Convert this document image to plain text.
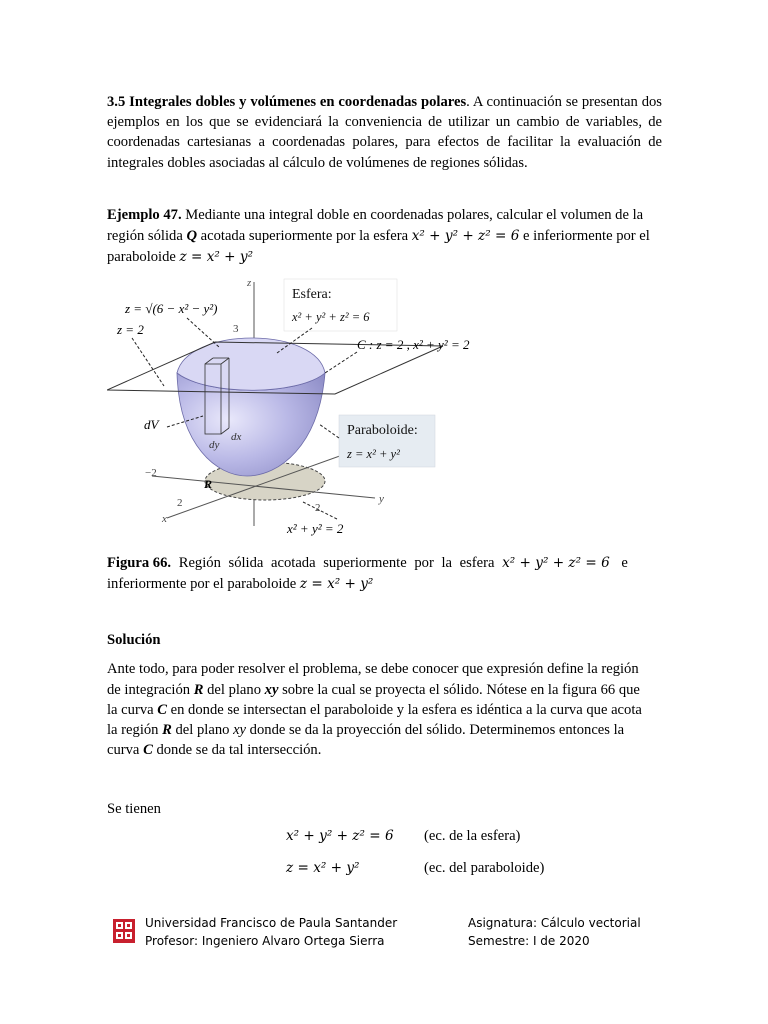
3.5 Integrales dobles y volúmenes en coordenadas polares. A continuación se presentan dos ejemplos en los que se evidenciará la conveniencia de utilizar un cambio de variables, de coordenadas cartesianas a coordenadas polares, para efectos de facilitar la evaluación de integrales dobles asociadas al cálculo de volúmenes de regiones sólidas.

Ejemplo 47. Mediante una integral doble en coordenadas polares, calcular el volumen de la
región sólida Q acotada superiormente por la esfera x² + y² + z² = 6 e inferiormente por el
paraboloide z = x² + y²
z
3
x
y
−2
2	2
R
dy
dx
z = √(6 − x² − y²)
z = 2
dV
Esfera:
x² + y² + z² = 6
C : z = 2 , x² + y² = 2
Paraboloide:
z = x² + y²
x² + y² = 2
Figura 66. Región sólida acotada superiormente por la esfera x² + y² + z² = 6 e
inferiormente por el paraboloide z = x² + y²
Solución
Ante todo, para poder resolver el problema, se debe conocer que expresión define la región
de integración R del plano xy sobre la cual se proyecta el sólido. Nótese en la figura 66 que
la curva C en donde se intersectan el paraboloide y la esfera es idéntica a la curva que acota
la región R del plano xy donde se da la proyección del sólido. Determinemos entonces la
curva C donde se da tal intersección.
Se tienen
x² + y² + z² = 6 (ec. de la esfera)
z = x² + y²	(ec. del paraboloide)
Universidad Francisco de Paula Santander
Profesor: Ingeniero Alvaro Ortega Sierra
Asignatura: Cálculo vectorial
Semestre: I de 2020
